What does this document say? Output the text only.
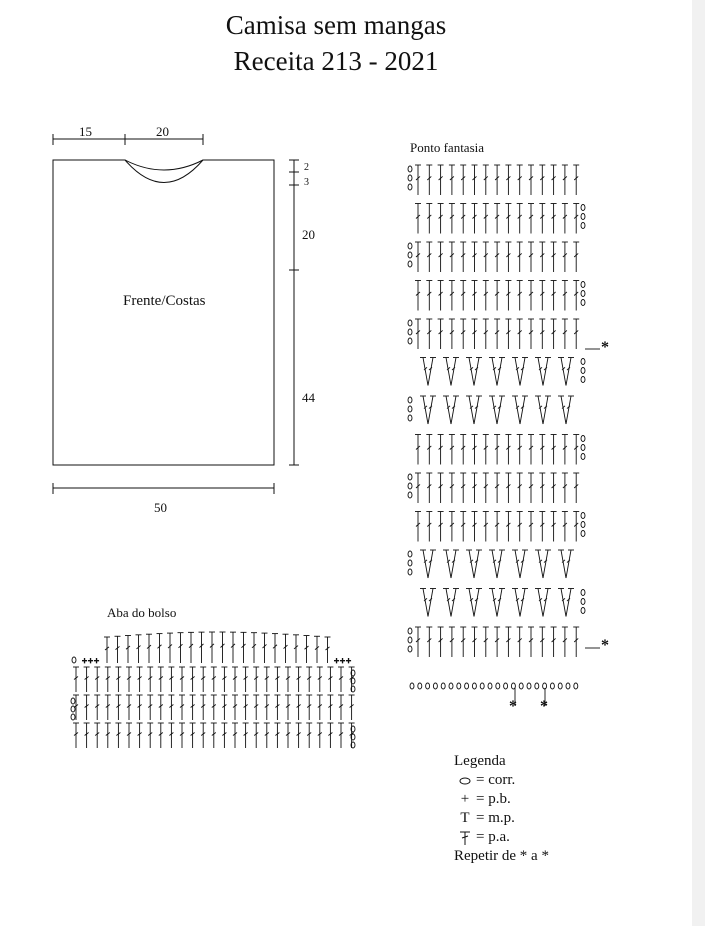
Camisa sem mangas
Receita 213 - 2021
15	20
2
3
20
44
50
Frente/Costas
Ponto fantasia
*
*
* *
Aba do bolso
+	+
+	+
+	+
Legenda
= corr.
+ = p.b.
T = m.p.
= p.a.
Repetir de * a *
